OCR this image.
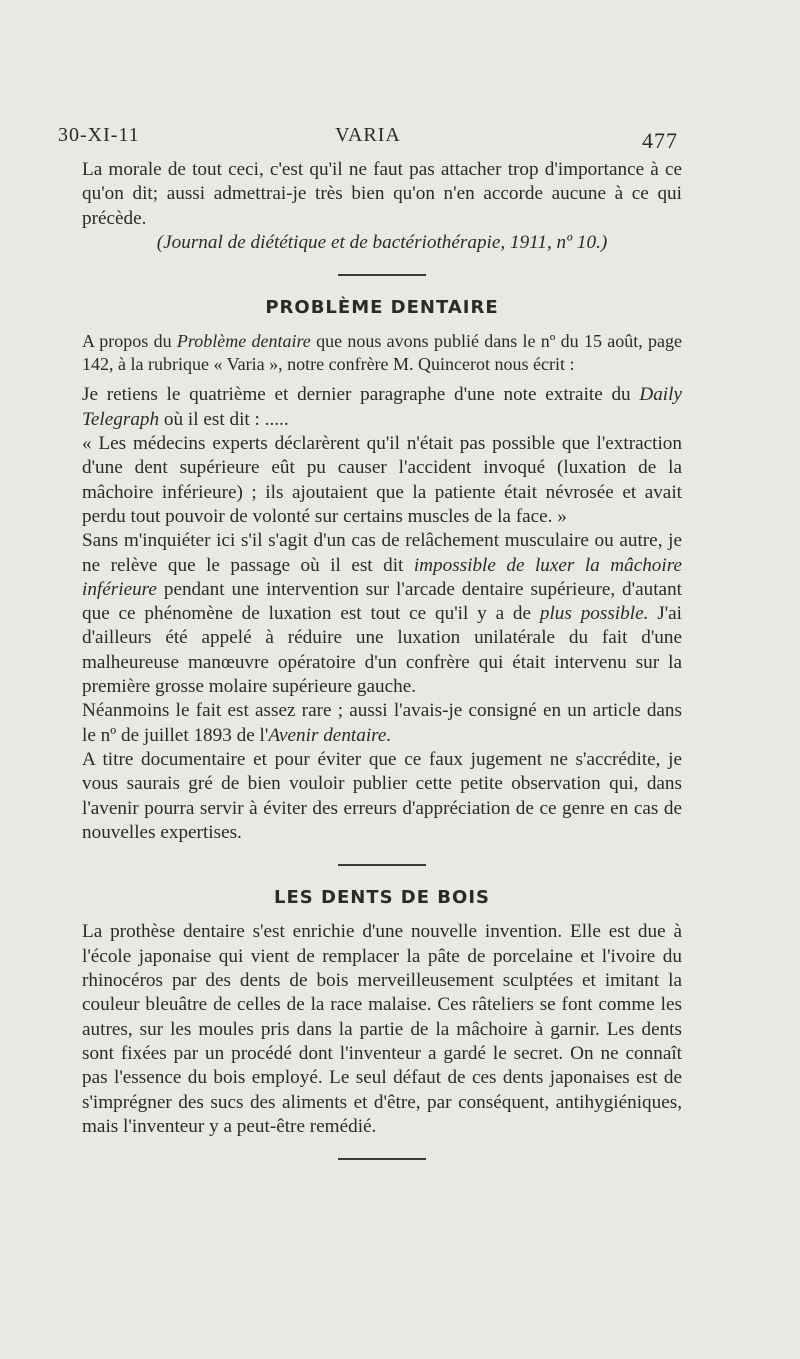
30-XI-11	VARIA	477

La morale de tout ceci, c'est qu'il ne faut pas attacher trop d'importance à ce qu'on dit; aussi admettrai-je très bien qu'on n'en accorde aucune à ce qui précède.

(Journal de diététique et de bactériothérapie, 1911, nº 10.)

PROBLÈME DENTAIRE

A propos du Problème dentaire que nous avons publié dans le nº du 15 août, page 142, à la rubrique « Varia », notre confrère M. Quincerot nous écrit :

Je retiens le quatrième et dernier paragraphe d'une note extraite du Daily Telegraph où il est dit : .....

« Les médecins experts déclarèrent qu'il n'était pas possible que l'extraction d'une dent supérieure eût pu causer l'accident invoqué (luxation de la mâchoire inférieure) ; ils ajoutaient que la patiente était névrosée et avait perdu tout pouvoir de volonté sur certains muscles de la face. »

Sans m'inquiéter ici s'il s'agit d'un cas de relâchement musculaire ou autre, je ne relève que le passage où il est dit impossible de luxer la mâchoire inférieure pendant une intervention sur l'arcade dentaire supérieure, d'autant que ce phénomène de luxation est tout ce qu'il y a de plus possible. J'ai d'ailleurs été appelé à réduire une luxation unilatérale du fait d'une malheureuse manœuvre opératoire d'un confrère qui était intervenu sur la première grosse molaire supérieure gauche.

Néanmoins le fait est assez rare ; aussi l'avais-je consigné en un article dans le nº de juillet 1893 de l'Avenir dentaire.

A titre documentaire et pour éviter que ce faux jugement ne s'accrédite, je vous saurais gré de bien vouloir publier cette petite observation qui, dans l'avenir pourra servir à éviter des erreurs d'appréciation de ce genre en cas de nouvelles expertises.

LES DENTS DE BOIS

La prothèse dentaire s'est enrichie d'une nouvelle invention. Elle est due à l'école japonaise qui vient de remplacer la pâte de porcelaine et l'ivoire du rhinocéros par des dents de bois merveilleusement sculptées et imitant la couleur bleuâtre de celles de la race malaise. Ces râteliers se font comme les autres, sur les moules pris dans la partie de la mâchoire à garnir. Les dents sont fixées par un procédé dont l'inventeur a gardé le secret. On ne connaît pas l'essence du bois employé. Le seul défaut de ces dents japonaises est de s'imprégner des sucs des aliments et d'être, par conséquent, antihygiéniques, mais l'inventeur y a peut-être remédié.
